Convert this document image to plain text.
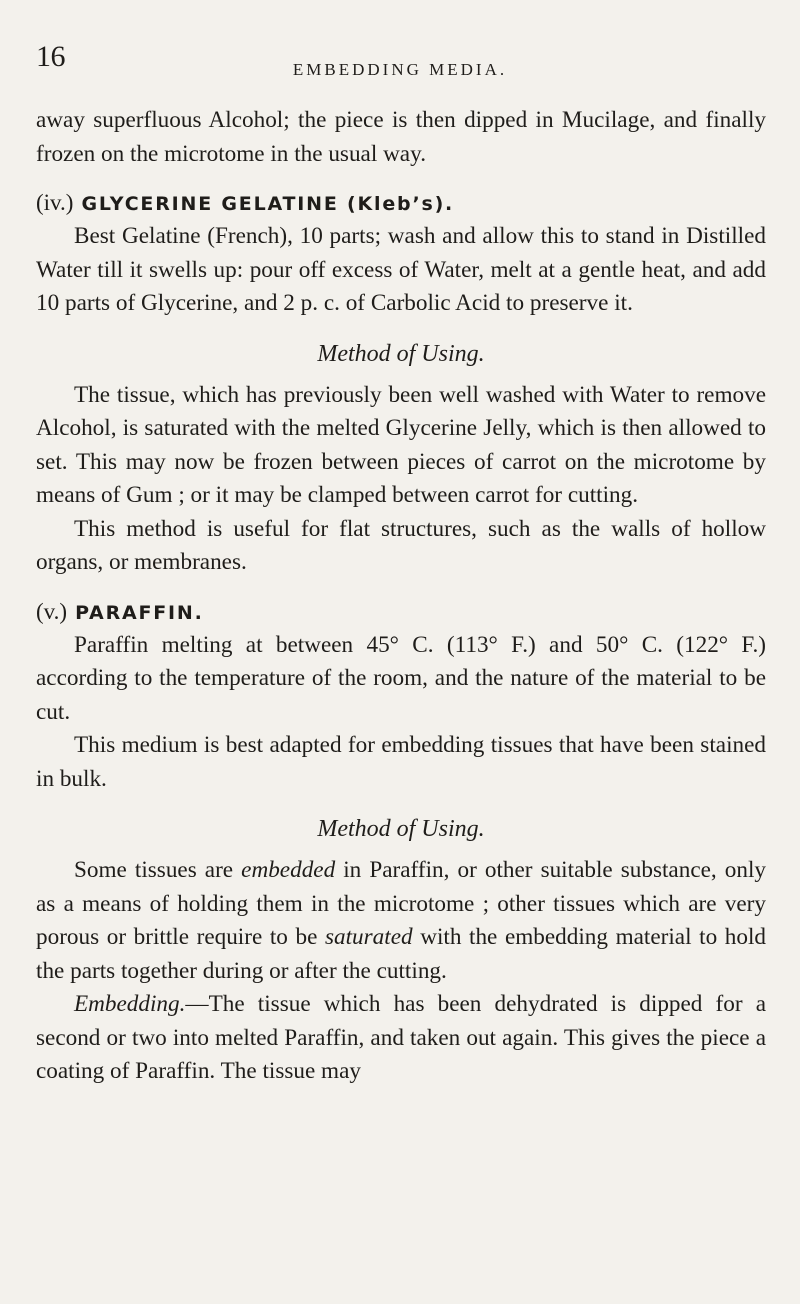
16	EMBEDDING MEDIA.

away superfluous Alcohol; the piece is then dipped in Mucilage, and finally frozen on the microtome in the usual way.

(iv.) GLYCERINE GELATINE (Kleb’s).

Best Gelatine (French), 10 parts; wash and allow this to stand in Distilled Water till it swells up: pour off excess of Water, melt at a gentle heat, and add 10 parts of Glycerine, and 2 p. c. of Carbolic Acid to preserve it.

Method of Using.

The tissue, which has previously been well washed with Water to remove Alcohol, is saturated with the melted Glycerine Jelly, which is then allowed to set. This may now be frozen between pieces of carrot on the microtome by means of Gum ; or it may be clamped between carrot for cutting.

This method is useful for flat structures, such as the walls of hollow organs, or membranes.

(v.) PARAFFIN.

Paraffin melting at between 45° C. (113° F.) and 50° C. (122° F.) according to the temperature of the room, and the nature of the material to be cut.

This medium is best adapted for embedding tissues that have been stained in bulk.

Method of Using.

Some tissues are embedded in Paraffin, or other suitable substance, only as a means of holding them in the microtome ; other tissues which are very porous or brittle require to be saturated with the embedding material to hold the parts together during or after the cutting.

Embedding.—The tissue which has been dehydrated is dipped for a second or two into melted Paraffin, and taken out again. This gives the piece a coating of Paraffin. The tissue may
